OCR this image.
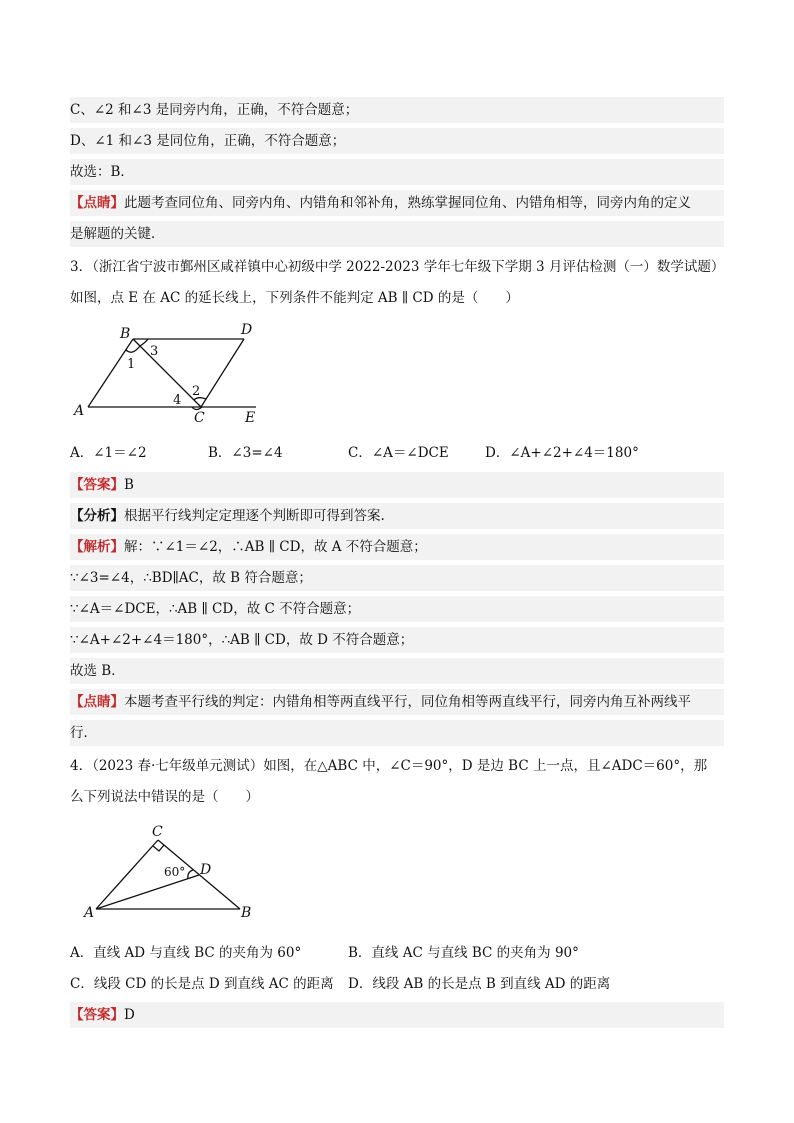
C、∠2 和∠3 是同旁内角，正确，不符合题意；
D、∠1 和∠3 是同位角，正确，不符合题意；
故选：B．
【点睛】此题考查同位角、同旁内角、内错角和邻补角，熟练掌握同位角、内错角相等，同旁内角的定义
是解题的关键．
3．（浙江省宁波市鄞州区咸祥镇中心初级中学 2022-2023 学年七年级下学期 3 月评估检测（一）数学试题）
如图，点 E 在 AC 的延长线上，下列条件不能判定 AB ∥ CD 的是（　　）
B	D
A	C	E
3
1
2
4
A．∠1＝∠2	B．∠3=∠4	C．∠A＝∠DCE	D．∠A+∠2+∠4＝180°
【答案】B
【分析】根据平行线判定定理逐个判断即可得到答案.
【解析】解：∵∠1＝∠2，∴AB ∥ CD，故 A 不符合题意；
∵∠3=∠4，∴BD∥AC，故 B 符合题意；
∵∠A＝∠DCE，∴AB ∥ CD，故 C 不符合题意；
∵∠A+∠2+∠4＝180°，∴AB ∥ CD，故 D 不符合题意；
故选 B．
【点睛】本题考查平行线的判定：内错角相等两直线平行，同位角相等两直线平行，同旁内角互补两线平
行．
4．（2023 春·七年级单元测试）如图，在△ABC 中，∠C＝90°，D 是边 BC 上一点，且∠ADC＝60°，那
么下列说法中错误的是（　　）
C
D
A	B
60°
A．直线 AD 与直线 BC 的夹角为 60°	B．直线 AC 与直线 BC 的夹角为 90°
C．线段 CD 的长是点 D 到直线 AC 的距离 D．线段 AB 的长是点 B 到直线 AD 的距离
【答案】D
